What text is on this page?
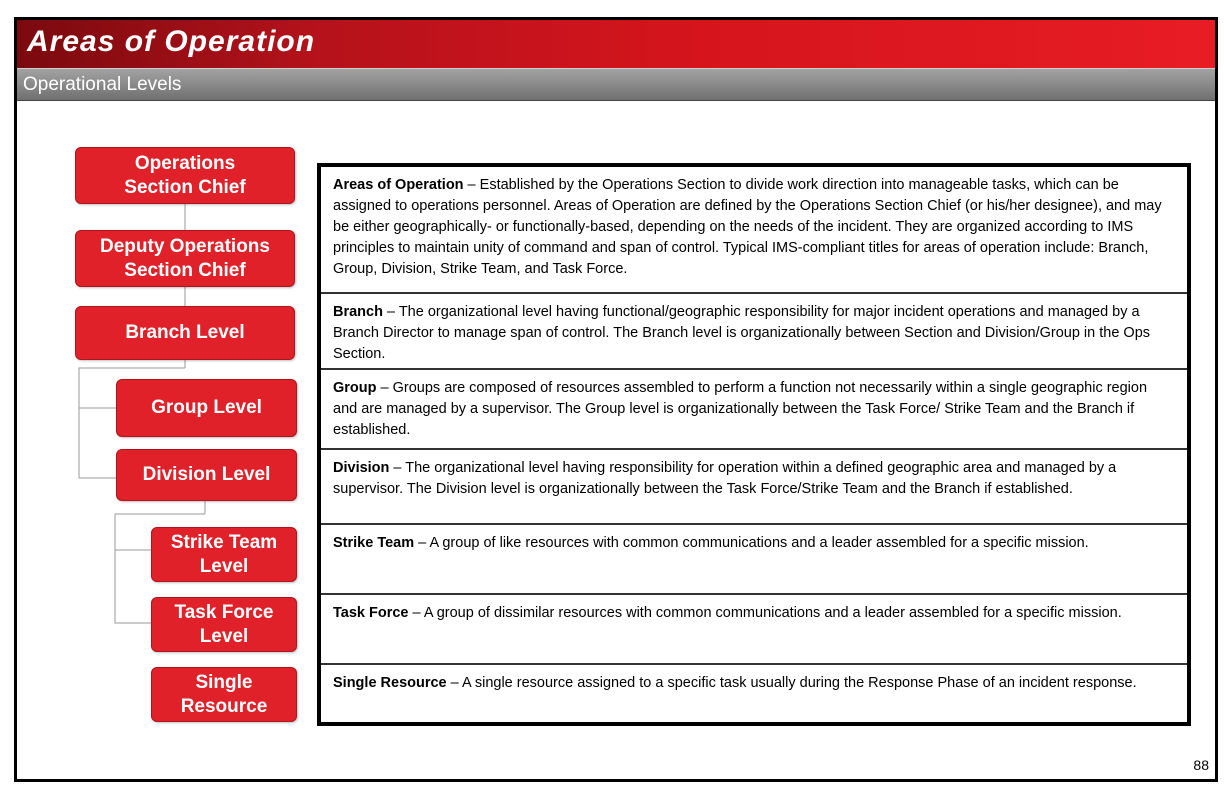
Areas of Operation
Operational Levels
Operations Section Chief
Deputy Operations Section Chief
Branch Level
Group Level
Division Level
Strike Team Level
Task Force Level
Single Resource
Areas of Operation – Established by the Operations Section to divide work direction into manageable tasks, which can be assigned to operations personnel. Areas of Operation are defined by the Operations Section Chief (or his/her designee), and may be either geographically- or functionally-based, depending on the needs of the incident. They are organized according to IMS principles to maintain unity of command and span of control. Typical IMS-compliant titles for areas of operation include: Branch, Group, Division, Strike Team, and Task Force.
Branch – The organizational level having functional/geographic responsibility for major incident operations and managed by a Branch Director to manage span of control. The Branch level is organizationally between Section and Division/Group in the Ops Section.
Group – Groups are composed of resources assembled to perform a function not necessarily within a single geographic region and are managed by a supervisor. The Group level is organizationally between the Task Force/ Strike Team and the Branch if established.
Division – The organizational level having responsibility for operation within a defined geographic area and managed by a supervisor. The Division level is organizationally between the Task Force/Strike Team and the Branch if established.
Strike Team – A group of like resources with common communications and a leader assembled for a specific mission.
Task Force – A group of dissimilar resources with common communications and a leader assembled for a specific mission.
Single Resource – A single resource assigned to a specific task usually during the Response Phase of an incident response.
88
